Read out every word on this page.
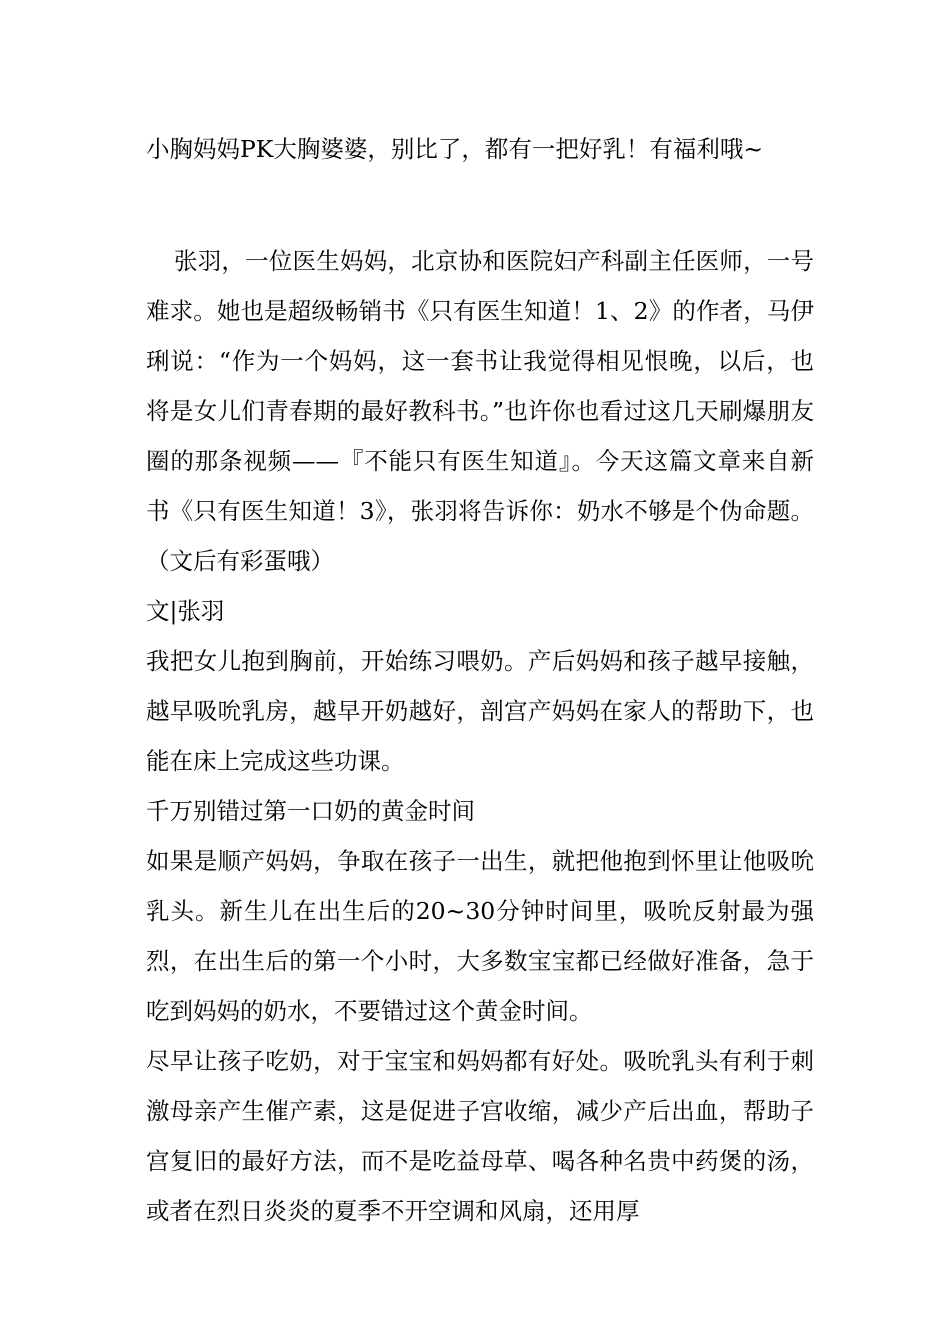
小胸妈妈PK大胸婆婆，别比了，都有一把好乳！有福利哦~

张羽，一位医生妈妈，北京协和医院妇产科副主任医师，一号难求。她也是超级畅销书《只有医生知道！1、2》的作者，马伊琍说：“作为一个妈妈，这一套书让我觉得相见恨晚，以后，也将是女儿们青春期的最好教科书。”也许你也看过这几天刷爆朋友圈的那条视频——『不能只有医生知道』。今天这篇文章来自新书《只有医生知道！3》，张羽将告诉你：奶水不够是个伪命题。（文后有彩蛋哦）

文|张羽

我把女儿抱到胸前，开始练习喂奶。产后妈妈和孩子越早接触，越早吸吮乳房，越早开奶越好，剖宫产妈妈在家人的帮助下，也能在床上完成这些功课。

千万别错过第一口奶的黄金时间

如果是顺产妈妈，争取在孩子一出生，就把他抱到怀里让他吸吮乳头。新生儿在出生后的20~30分钟时间里，吸吮反射最为强烈，在出生后的第一个小时，大多数宝宝都已经做好准备，急于吃到妈妈的奶水，不要错过这个黄金时间。

尽早让孩子吃奶，对于宝宝和妈妈都有好处。吸吮乳头有利于刺激母亲产生催产素，这是促进子宫收缩，减少产后出血，帮助子宫复旧的最好方法，而不是吃益母草、喝各种名贵中药煲的汤，或者在烈日炎炎的夏季不开空调和风扇，还用厚
